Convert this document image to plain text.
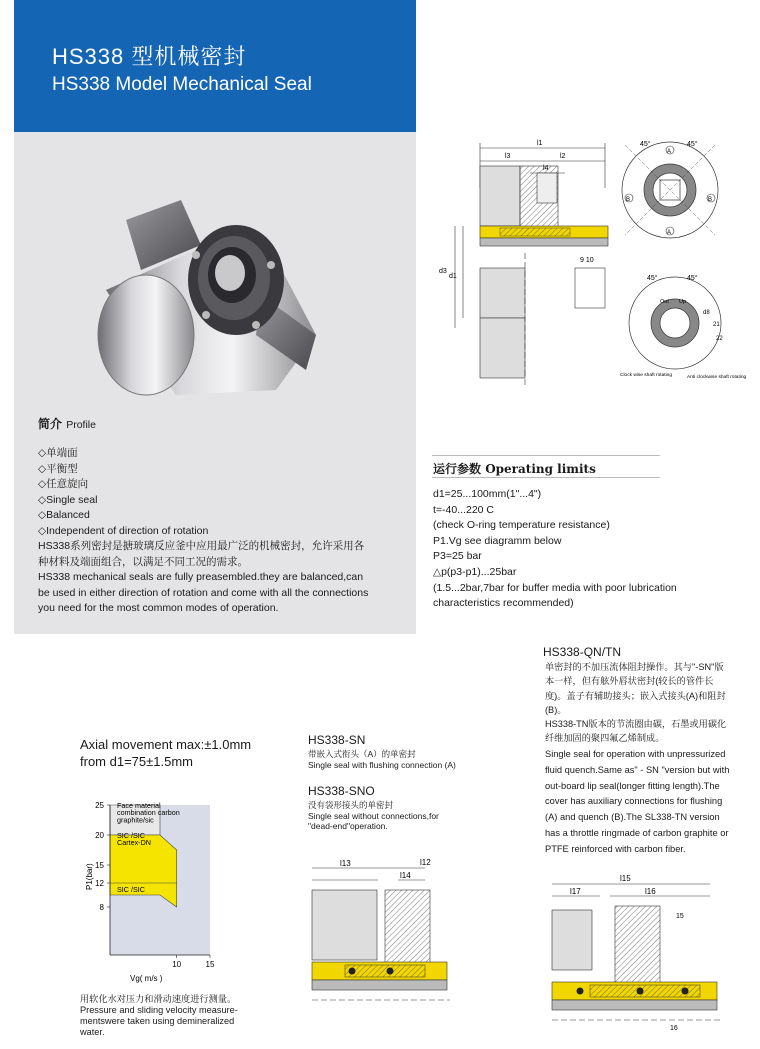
HS338 型机械密封
HS338 Model Mechanical Seal
简介 Profile
◇单端面
◇平衡型
◇任意旋向
◇Single seal
◇Balanced
◇Independent of direction of rotation
HS338系列密封是搪玻璃反应釜中应用最广泛的机械密封，允许采用各
种材料及端面组合，以满足不同工况的需求。
HS338 mechanical seals are fully preasembled.they are balanced,can
be used in either direction of rotation and come with all the connections
you need for the most common modes of operation.
l1
l3	l2
d3
d1
9 10
45°	45°
A
A
B	B
45°	45°
Out Up
21
22
d8
Clock wise shaft rotating	Anti clockwise shaft rotating
运行参数 Operating limits
d1=25...100mm(1"...4")
t=-40...220 C
(check O-ring temperature resistance)
P1.Vg see diagramm below
P3=25 bar
△p(p3-p1)...25bar
(1.5...2bar,7bar for buffer media with poor lubrication
characteristics recommended)
Axial movement max:±1.0mm
from d1=75±1.5mm
8
12
15
20
25
10	15
Vg( m/s )
P1(bar)
Face material
combination carbon
graphite/sic
SIC /SIC
Cartex-DN
SIC /SIC
用软化水对压力和滑动速度进行测量。
Pressure and sliding velocity measure-
mentswere taken using demineralized
water.
HS338-SN
带嵌入式衔头（A）的单密封
Single seal with flushing connection (A)
HS338-SNO
没有袋形接头的单密封
Single seal without connections,for
"dead-end"operation.
l13	l12
l14
HS338-QN/TN
单密封的不加压流体阻封操作。其与"-SN"版
本一样，但有舷外唇状密封(较长的管件长
度)。盖子有辅助接头；嵌入式接头(A)和阻封
(B)。
HS338-TN版本的节流圈由碳，石墨或用碳化
纤维加固的聚四氟乙烯制成。
Single seal for operation with unpressurized
fluid quench.Same as" - SN "version but with
out-board lip seal(longer fitting length).The
cover has auxiliary connections for flushing
(A) and quench (B).The SL338-TN version
has a throttle ringmade of carbon graphite or
PTFE reinforced with carbon fiber.
l15
l17	l16
15
16
